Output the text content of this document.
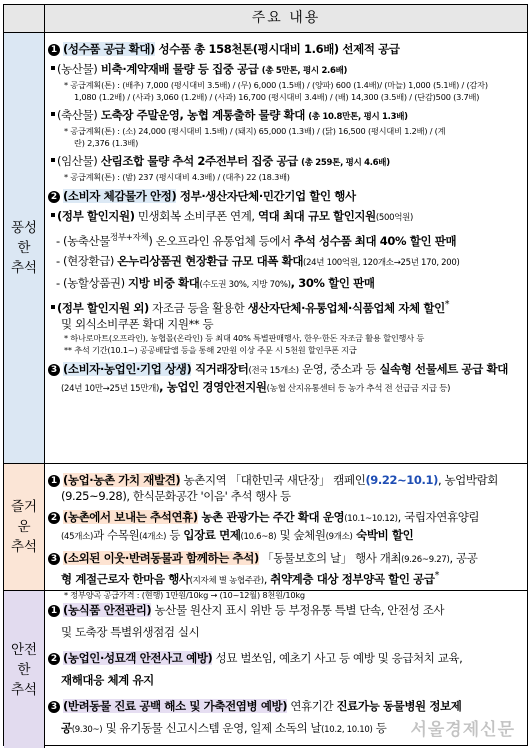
주요 내용
풍성
한
추석
1 (성수품 공급 확대) 성수품 총 158천톤(평시대비 1.6배) 선제적 공급
(농산물) 비축·계약재배 물량 등 집중 공급 (총 5만톤, 평시 2.6배)
* 공급계획(톤) : (배추) 7,000 (평시대비 3.5배) / (무) 6,000 (1.5배) / (양파) 600 (1.4배)/ (마늘) 1,000 (5.1배) / (감자)
1,080 (1.2배) / (사과) 3,060 (1.2배) / (사과) 16,700 (평시대비 3.4배) / (배) 14,300 (3.5배) / (단감)500 (3.7배)
(축산물) 도축장 주말운영, 농협 계통출하 물량 확대 (총 10.8만톤, 평시 1.3배)
* 공급계획(톤) : (소) 24,000 (평시대비 1.5배) / (돼지) 65,000 (1.3배) / (닭) 16,500 (평시대비 1.2배) / (계
란) 2,376 (1.3배)
(임산물) 산림조합 물량 추석 2주전부터 집중 공급 (총 259톤, 평시 4.6배)
* 공급계획(톤) : (밤) 237 (평시대비 4.3배) / (대추) 22 (18.3배)
2 (소비자 체감물가 안정) 정부·생산자단체·민간기업 할인 행사
(정부 할인지원) 민생회복 소비쿠폰 연계, 역대 최대 규모 할인지원(500억원)
- (농축산물$^{정부+자체}$) 온오프라인 유통업체 등에서 추석 성수품 최대 40% 할인 판매
- (현장환급) 온누리상품권 현장환급 규모 대폭 확대(24년 100억원, 120개소→25년 170, 200)
- (농할상품권) 지방 비중 확대(수도권 30%, 지방 70%), 30% 할인 판매
(정부 할인지원 외) 자조금 등을 활용한 생산자단체·유통업체·식품업체 자체 할인*
및 외식소비쿠폰 확대 지원** 등
* 하나로마트(오프라인), 농협몰(온라인) 등 최대 40% 특별판매행사, 한우·한돈 자조금 활용 할인행사 등
** 추석 기간(10.1~) 공공배달앱 등을 통해 2만원 이상 주문 시 5천원 할인쿠폰 지급
3 (소비자·농업인·기업 상생) 직거래장터(전국 15개소) 운영, 중소과 등 실속형 선물세트 공급 확대
(24년 10만→25년 15만개), 농업인 경영안전지원(농협 산지유통센터 등 농가 추석 전 선급금 지급 등)
즐거
운
추석
1 (농업·농촌 가치 재발견) 농촌지역 「대한민국 새단장」 캠페인(9.22~10.1), 농업박람회
(9.25~9.28), 한식문화공간 '이음' 추석 행사 등
2 (농촌에서 보내는 추석연휴) 농촌 관광가는 주간 확대 운영(10.1~10.12), 국립자연휴양림
(45개소)과 수목원(4개소) 등 입장료 면제(10.6~8) 및 숲체원(9개소) 숙박비 할인
3 (소외된 이웃·반려동물과 함께하는 추석) 「동물보호의 날」 행사 개최(9.26~9.27), 공공
형 계절근로자 한마음 행사(지자체 별 농협주관), 취약계층 대상 정부양곡 할인 공급*
* 정부양곡 공급가격 : (현행) 1만원/10kg → (10~12월) 8천원/10kg
안전
한
추석
1 (농식품 안전관리) 농산물 원산지 표시 위반 등 부정유통 특별 단속, 안전성 조사
및 도축장 특별위생점검 실시
2 (농업인·성묘객 안전사고 예방) 성묘 벌쏘임, 예초기 사고 등 예방 및 응급처치 교육,
재해대응 체계 유지
3 (반려동물 진료 공백 해소 및 가축전염병 예방) 연휴기간 진료가능 동물병원 정보제
공(9.30~) 및 유기동물 신고시스템 운영, 일제 소독의 날(10.2, 10.10) 등	서울경제신문
